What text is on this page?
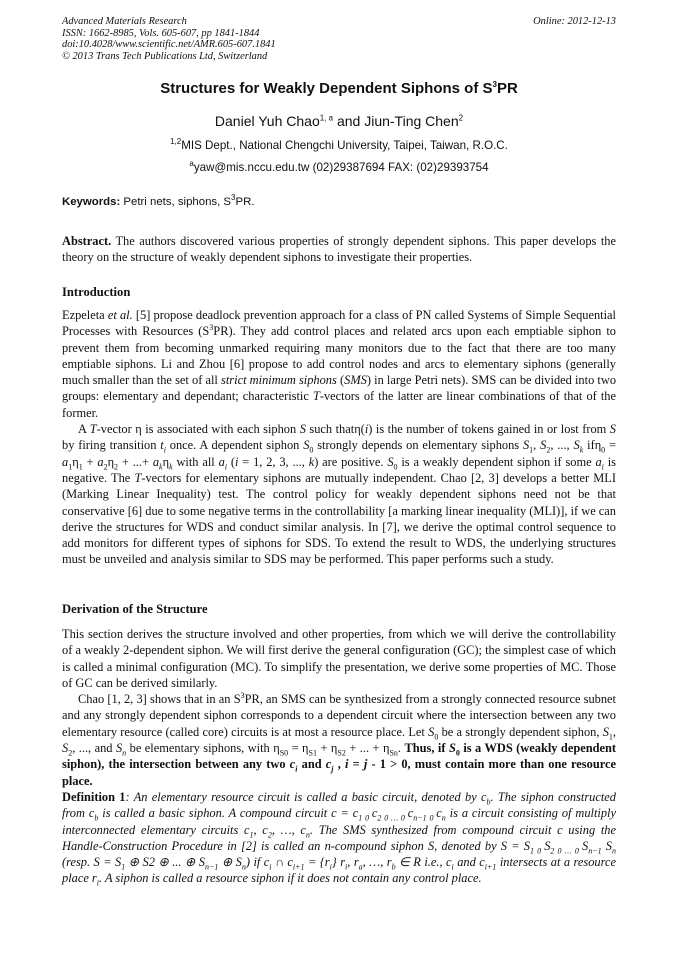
Advanced Materials Research
ISSN: 1662-8985, Vols. 605-607, pp 1841-1844
doi:10.4028/www.scientific.net/AMR.605-607.1841
© 2013 Trans Tech Publications Ltd, Switzerland
Online: 2012-12-13
Structures for Weakly Dependent Siphons of $S^3PR$
Daniel Yuh Chao$^{1, a}$ and Jiun-Ting Chen$^2$
$^{1,2}$MIS Dept., National Chengchi University, Taipei, Taiwan, R.O.C.
$^a$yaw@mis.nccu.edu.tw (02)29387694 FAX: (02)29393754
Keywords: Petri nets, siphons, $S^3PR$.

Abstract. The authors discovered various properties of strongly dependent siphons. This paper develops the theory on the structure of weakly dependent siphons to investigate their properties.

Introduction

Ezpeleta et al. [5] propose deadlock prevention approach for a class of PN called Systems of Simple Sequential Processes with Resources $(S^3PR)$. They add control places and related arcs upon each emptiable siphon to prevent them from becoming unmarked requiring many monitors due to the fact that there are too many emptiable siphons. Li and Zhou [6] propose to add control nodes and arcs to elementary siphons (generally much smaller than the set of all strict minimum siphons (SMS) in large Petri nets). SMS can be divided into two groups: elementary and dependant; characteristic T-vectors of the latter are linear combinations of that of the former.

A T-vector η is associated with each siphon S such thatη(i) is the number of tokens gained in or lost from S by firing transition $t_i$ once. A dependent siphon $S_0$ strongly depends on elementary siphons $S_1$, $S_2$, ..., $S_k$ $if\eta_0 = a_1\eta_1 + a_2\eta_2$ + ...+ $a_k\eta_k$ with all $a_i$ (i = 1, 2, 3, ..., k) are positive. $S_0$ is a weakly dependent siphon if some $a_i$ is negative. The T-vectors for elementary siphons are mutually independent. Chao [2, 3] develops a better MLI (Marking Linear Inequality) test. The control policy for weakly dependent siphons need not be that conservative [6] due to some negative terms in the controllability [a marking linear inequality (MLI)], if we can derive the structures for WDS and conduct similar analysis. In [7], we derive the optimal control sequence to add monitors for different types of siphons for SDS. To extend the result to WDS, the underlying structures must be unveiled and analysis similar to SDS may be performed. This paper performs such a study.

Derivation of the Structure

This section derives the structure involved and other properties, from which we will derive the controllability of a weakly 2-dependent siphon. We will first derive the general configuration (GC); the simplest case of which is called a minimal configuration (MC). To simplify the presentation, we derive some properties of MC. Those of GC can be derived similarly.

Chao [1, 2, 3] shows that in an $S^3PR$, an SMS can be synthesized from a strongly connected resource subnet and any strongly dependent siphon corresponds to a dependent circuit where the intersection between any two elementary resource (called core) circuits is at most a resource place. Let $S_0$ be a strongly dependent siphon, $S_1$, $S_2$, ..., and $S_n$ be elementary siphons, with $\eta_{S0} = \eta_{S1} + \eta_{S2}$ + ... + $\eta_{Sn}$. Thus, if $S_0$ is a WDS (weakly dependent siphon), the intersection between any two $c_i$ and $c_j$ , i = j - 1 > 0, must contain more than one resource place.

Definition 1: An elementary resource circuit is called a basic circuit, denoted by $c_b$. The siphon constructed from $c_b$ is called a basic siphon. A compound circuit $c = c_1$ $_0$ $c_2$ $_{0 \dots 0}$ $c_{n-1}$ $_0$ $c_n$ is a circuit consisting of multiply interconnected elementary circuits $c_1$, $c_2$, …, $c_n$. The SMS synthesized from compound circuit c using the Handle-Construction Procedure in [2] is called an n-compound siphon S, denoted by $S = S_1$ $_0$ $S_2$ $_{0 \dots 0}$ $S_{n-1}$ $S_n$ (resp. $S = S_1$ ⊕ S2 ⊕ ... ⊕ $S_{n-1}$ ⊕ $S_n$) if $c_i$ ∩ $c_{i+1} = \{r_i\}$ $r_i$, $r_a$, …, $r_b$ ∈ R i.e., $c_i$ and $c_{i+1}$ intersects at a resource place $r_i$. A siphon is called a resource siphon if it does not contain any control place.
